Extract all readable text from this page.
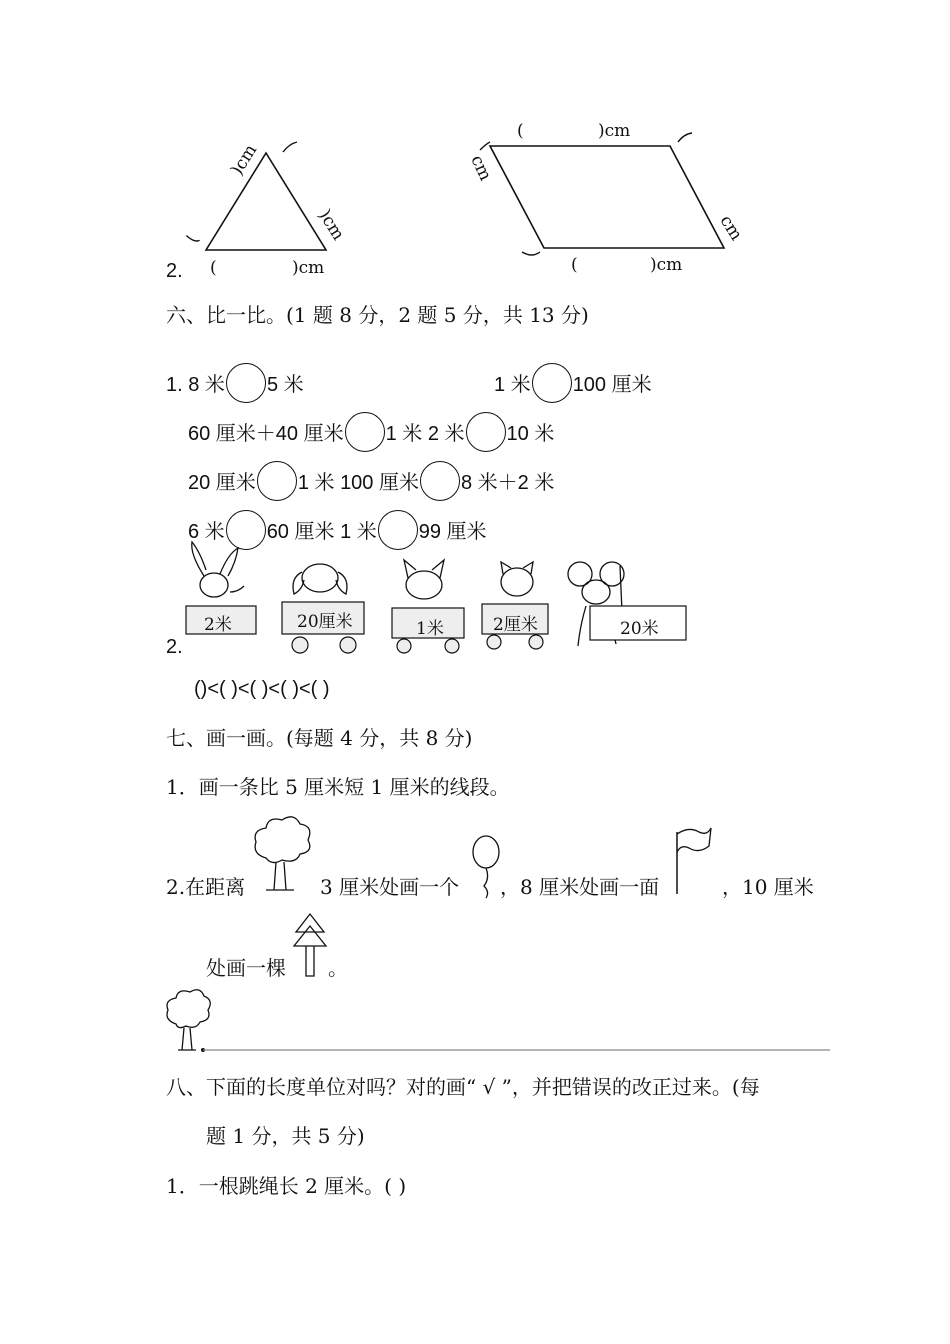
)cm
)cm
2. (	)cm
(	)cm
cm
cm
(	)cm
六、比一比。(1 题 8 分，2 题 5 分，共 13 分)
1. 8 米 5 米	1 米 100 厘米
60 厘米＋40 厘米 1 米 2 米 10 米
20 厘米 1 米 100 厘米 8 米＋2 米
6 米 60 厘米 1 米 99 厘米
2米	20厘米	1米	2厘米	20米
2.
()<( )<( )<( )<( )
七、画一画。(每题 4 分，共 8 分)
1．画一条比 5 厘米短 1 厘米的线段。
2.在距离	3 厘米处画一个 ，8 厘米处画一面	，10 厘米
处画一棵 。
八、下面的长度单位对吗？对的画“ √ ”，并把错误的改正过来。(每
题 1 分，共 5 分)
1．一根跳绳长 2 厘米。( )
